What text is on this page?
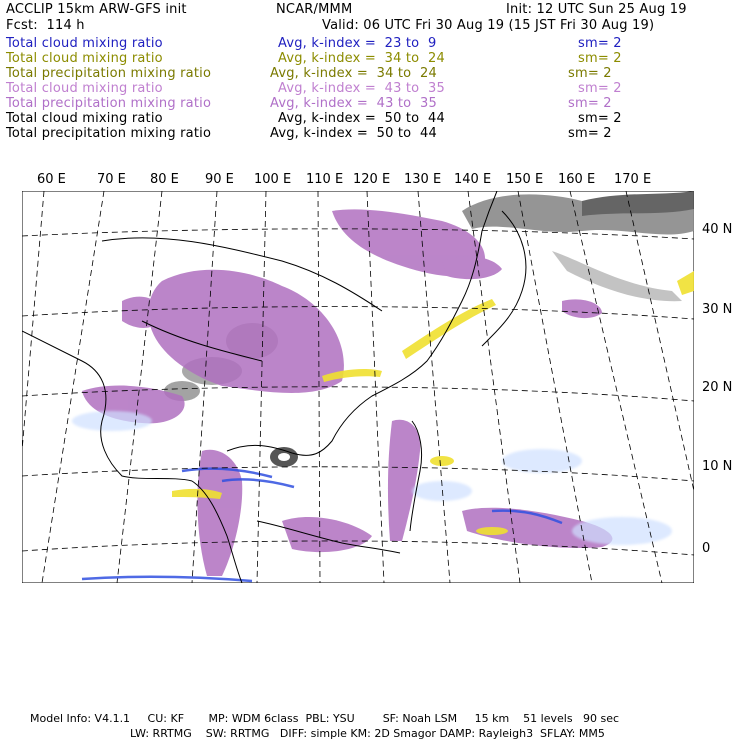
ACCLIP 15km ARW-GFS init	NCAR/MMM	Init: 12 UTC Sun 25 Aug 19
Fcst:  114 h	Valid: 06 UTC Fri 30 Aug 19 (15 JST Fri 30 Aug 19)
Total cloud mixing ratio	Avg, k-index =  23 to  9	sm= 2
Total cloud mixing ratio	Avg, k-index =  34 to  24	sm= 2
Total precipitation mixing ratio	Avg, k-index =  34 to  24	sm= 2
Total cloud mixing ratio	Avg, k-index =  43 to  35	sm= 2
Total precipitation mixing ratio	Avg, k-index =  43 to  35	sm= 2
Total cloud mixing ratio	Avg, k-index =  50 to  44	sm= 2
Total precipitation mixing ratio	Avg, k-index =  50 to  44	sm= 2
60 E 70 E 80 E 90 E 100 E 110 E 120 E 130 E 140 E 150 E 160 E 170 E
40 N
30 N
20 N
10 N
0
Model Info: V4.1.1     CU: KF       MP: WDM 6class  PBL: YSU        SF: Noah LSM     15 km    51 levels   90 sec
LW: RRTMG    SW: RRTMG   DIFF: simple KM: 2D Smagor DAMP: Rayleigh3  SFLAY: MM5
